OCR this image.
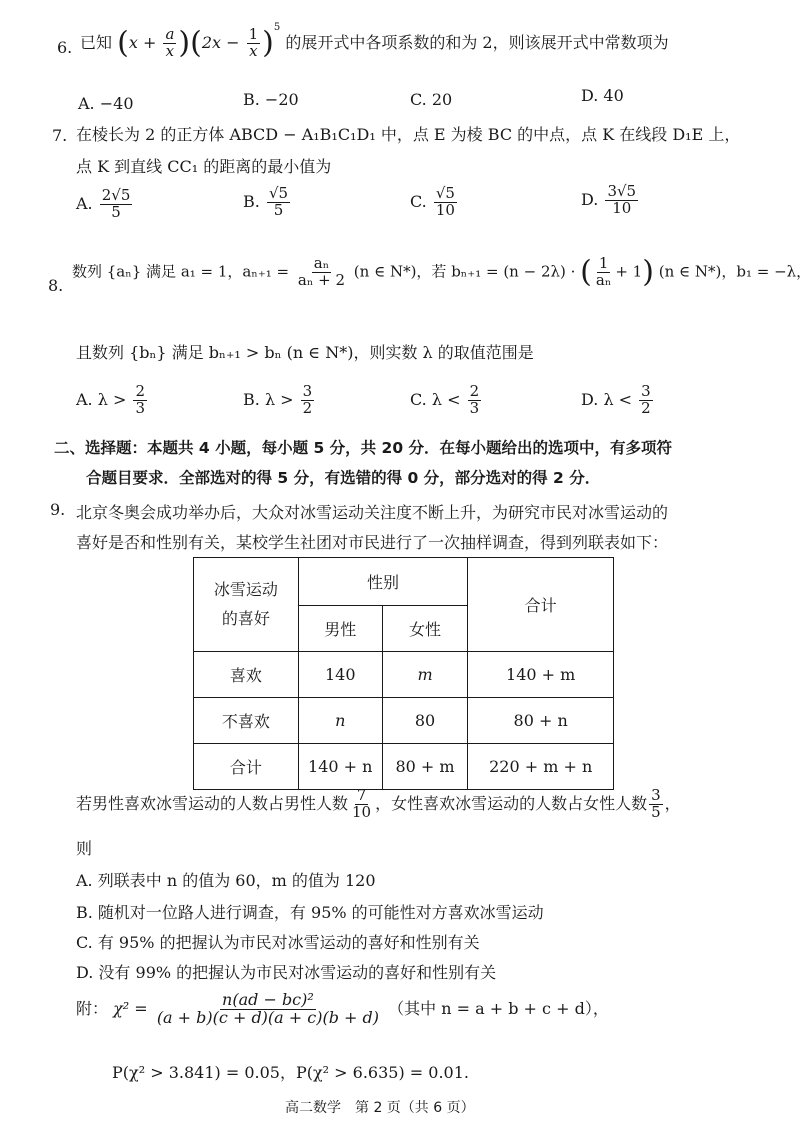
6. 已知 $(x + \frac{a}{x} )(2x - \frac{1}{x} )^5$ 的展开式中各项系数的和为 2，则该展开式中常数项为
A. −40	B. −20	C. 20	D. 40
7. 在棱长为 2 的正方体 ABCD − A₁B₁C₁D₁ 中，点 E 为棱 BC 的中点，点 K 在线段 D₁E 上，
点 K 到直线 CC₁ 的距离的最小值为
A. $\frac{2√5}{5}$	B. $\frac{√5}{5}$	C. $\frac{√5}{10}$	D. $\frac{3√5}{10}$
8.
数列 {aₙ} 满足 a₁ = 1，$a_{n+1} = \frac{\text{aₙ}}{\text{aₙ + 2}} (n$ ∈ N*)，若 bₙ₊₁ = (n − 2λ) · ( $\frac{1}{\text{aₙ}} + 1$) (n ∈ N*)，b₁ = −λ，
且数列 {bₙ} 满足 bₙ₊₁ > bₙ (n ∈ N*)，则实数 λ 的取值范围是
A. $\lambda > \frac{2}{3}$	B. $\lambda > \frac{3}{2}$	C. $\lambda < \frac{2}{3}$	D. $\lambda < \frac{3}{2}$
二、选择题：本题共 4 小题，每小题 5 分，共 20 分．在每小题给出的选项中，有多项符
合题目要求．全部选对的得 5 分，有选错的得 0 分，部分选对的得 2 分．
9. 北京冬奥会成功举办后，大众对冰雪运动关注度不断上升，为研究市民对冰雪运动的
喜好是否和性别有关，某校学生社团对市民进行了一次抽样调查，得到列联表如下：
冰雪运动
的喜好	性别		合计
	男性	女性	
喜欢	140	m	140 + m
不喜欢	n	80	80 + n
合计	140 + n	80 + m	220 + m + n
若男性喜欢冰雪运动的人数占男性人数 $\frac{7}{10}$ ，女性喜欢冰雪运动的人数占女性人数 $\frac{3}{5}$ ，
则
A. 列联表中 n 的值为 60，m 的值为 120
B. 随机对一位路人进行调查，有 95% 的可能性对方喜欢冰雪运动
C. 有 95% 的把握认为市民对冰雪运动的喜好和性别有关
D. 没有 99% 的把握认为市民对冰雪运动的喜好和性别有关
附： $\chi^2 = \frac{\text{n(ad − bc)²}}{(a + b)(c + d)(a + c)(b + d)}$ （其中 n = a + b + c + d），
P(χ² > 3.841) = 0.05，P(χ² > 6.635) = 0.01.
高二数学　第 2 页（共 6 页）
